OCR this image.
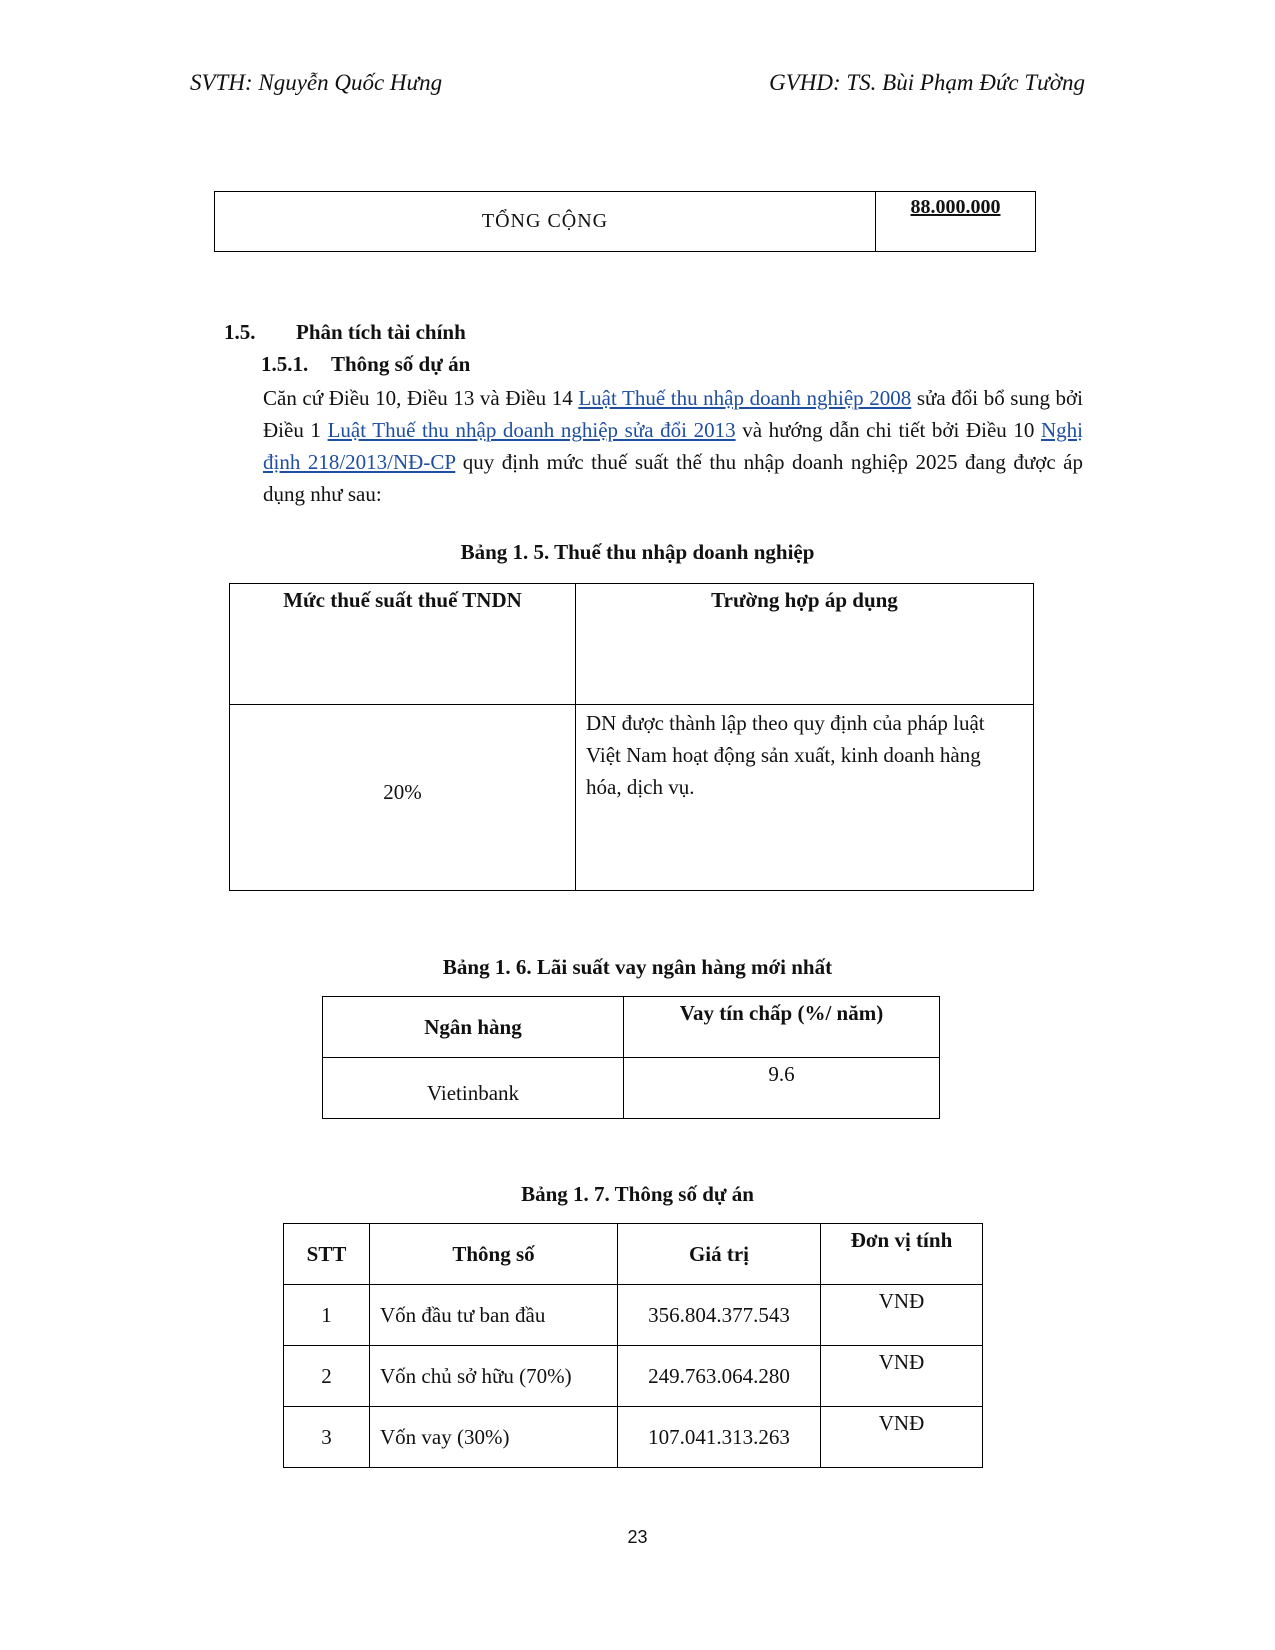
SVTH: Nguyễn Quốc Hưng	GVHD: TS. Bùi Phạm Đức Tường
TỔNG CỘNG	88.000.000
1.5. Phân tích tài chính
1.5.1. Thông số dự án
Căn cứ Điều 10, Điều 13 và Điều 14 Luật Thuế thu nhập doanh nghiệp 2008 sửa đổi bổ sung bởi Điều 1 Luật Thuế thu nhập doanh nghiệp sửa đổi 2013 và hướng dẫn chi tiết bởi Điều 10 Nghị định 218/2013/NĐ-CP quy định mức thuế suất thế thu nhập doanh nghiệp 2025 đang được áp dụng như sau:
Bảng 1. 5. Thuế thu nhập doanh nghiệp
Mức thuế suất thuế TNDN	Trường hợp áp dụng
20%	DN được thành lập theo quy định của pháp luật Việt Nam hoạt động sản xuất, kinh doanh hàng hóa, dịch vụ.
Bảng 1. 6. Lãi suất vay ngân hàng mới nhất
Ngân hàng	Vay tín chấp (%/ năm)
Vietinbank	9.6
Bảng 1. 7. Thông số dự án
STT	Thông số	Giá trị	Đơn vị tính
1	Vốn đầu tư ban đầu	356.804.377.543	VNĐ
2	Vốn chủ sở hữu (70%)	249.763.064.280	VNĐ
3	Vốn vay (30%)	107.041.313.263	VNĐ
23
